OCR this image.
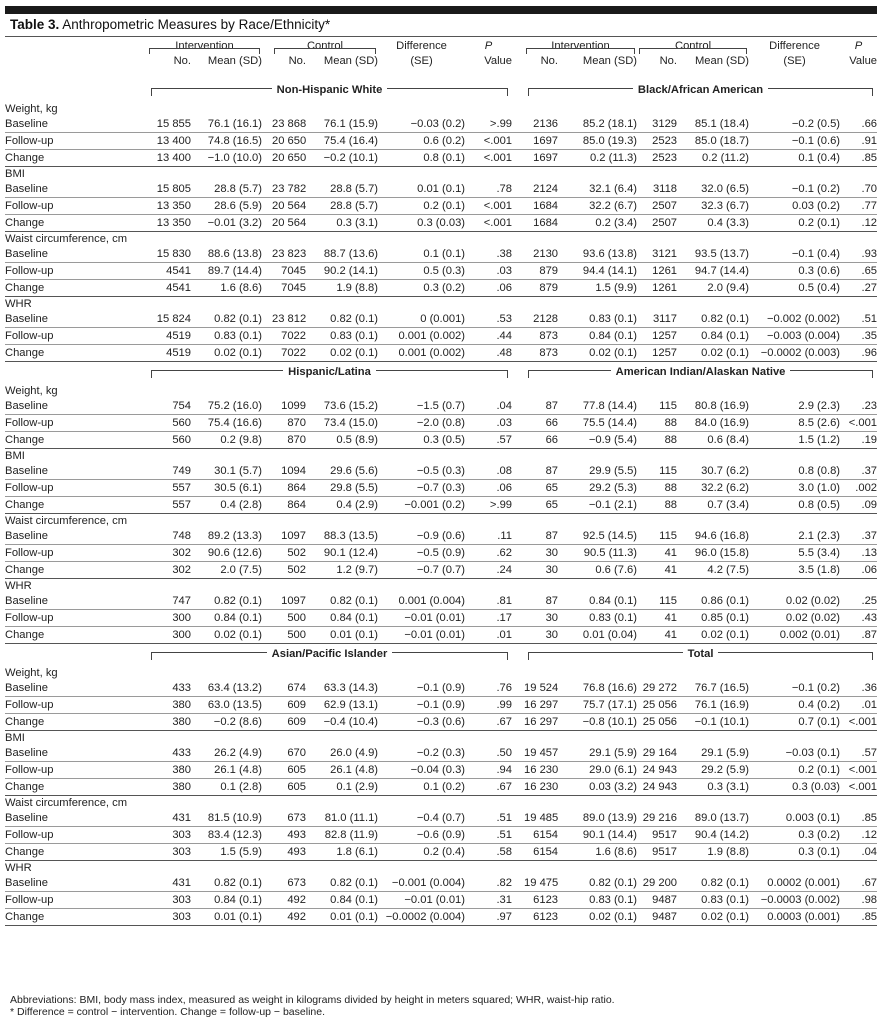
Table 3. Anthropometric Measures by Race/Ethnicity*
	Intervention			Control		Difference	P		Intervention		Control		Difference	P
	No.	Mean (SD)		No.	Mean (SD)	(SE)	Value		No.	Mean (SD)	No.	Mean (SD)	(SE)	Value
	Non-Hispanic White								Black/African American					
Weight, kg														
Baseline	15 855	76.1 (16.1)		23 868	76.1 (15.9)	−0.03 (0.2)	>.99		2136	85.2 (18.1)	3129	85.1 (18.4)	−0.2 (0.5)	.66
Follow-up	13 400	74.8 (16.5)		20 650	75.4 (16.4)	0.6 (0.2)	<.001		1697	85.0 (19.3)	2523	85.0 (18.7)	−0.1 (0.6)	.91
Change	13 400	−1.0 (10.0)		20 650	−0.2 (10.1)	0.8 (0.1)	<.001		1697	0.2 (11.3)	2523	0.2 (11.2)	0.1 (0.4)	.85
BMI														
Baseline	15 805	28.8 (5.7)		23 782	28.8 (5.7)	0.01 (0.1)	.78		2124	32.1 (6.4)	3118	32.0 (6.5)	−0.1 (0.2)	.70
Follow-up	13 350	28.6 (5.9)		20 564	28.8 (5.7)	0.2 (0.1)	<.001		1684	32.2 (6.7)	2507	32.3 (6.7)	0.03 (0.2)	.77
Change	13 350	−0.01 (3.2)		20 564	0.3 (3.1)	0.3 (0.03)	<.001		1684	0.2 (3.4)	2507	0.4 (3.3)	0.2 (0.1)	.12
Waist circumference, cm														
Baseline	15 830	88.6 (13.8)		23 823	88.7 (13.6)	0.1 (0.1)	.38		2130	93.6 (13.8)	3121	93.5 (13.7)	−0.1 (0.4)	.93
Follow-up	4541	89.7 (14.4)		7045	90.2 (14.1)	0.5 (0.3)	.03		879	94.4 (14.1)	1261	94.7 (14.4)	0.3 (0.6)	.65
Change	4541	1.6 (8.6)		7045	1.9 (8.8)	0.3 (0.2)	.06		879	1.5 (9.9)	1261	2.0 (9.4)	0.5 (0.4)	.27
WHR														
Baseline	15 824	0.82 (0.1)		23 812	0.82 (0.1)	0 (0.001)	.53		2128	0.83 (0.1)	3117	0.82 (0.1)	−0.002 (0.002)	.51
Follow-up	4519	0.83 (0.1)		7022	0.83 (0.1)	0.001 (0.002)	.44		873	0.84 (0.1)	1257	0.84 (0.1)	−0.003 (0.004)	.35
Change	4519	0.02 (0.1)		7022	0.02 (0.1)	0.001 (0.002)	.48		873	0.02 (0.1)	1257	0.02 (0.1)	−0.0002 (0.003)	.96
	Hispanic/Latina								American Indian/Alaskan Native					
Weight, kg														
Baseline	754	75.2 (16.0)		1099	73.6 (15.2)	−1.5 (0.7)	.04		87	77.8 (14.4)	115	80.8 (16.9)	2.9 (2.3)	.23
Follow-up	560	75.4 (16.6)		870	73.4 (15.0)	−2.0 (0.8)	.03		66	75.5 (14.4)	88	84.0 (16.9)	8.5 (2.6)	<.001
Change	560	0.2 (9.8)		870	0.5 (8.9)	0.3 (0.5)	.57		66	−0.9 (5.4)	88	0.6 (8.4)	1.5 (1.2)	.19
BMI														
Baseline	749	30.1 (5.7)		1094	29.6 (5.6)	−0.5 (0.3)	.08		87	29.9 (5.5)	115	30.7 (6.2)	0.8 (0.8)	.37
Follow-up	557	30.5 (6.1)		864	29.8 (5.5)	−0.7 (0.3)	.06		65	29.2 (5.3)	88	32.2 (6.2)	3.0 (1.0)	.002
Change	557	0.4 (2.8)		864	0.4 (2.9)	−0.001 (0.2)	>.99		65	−0.1 (2.1)	88	0.7 (3.4)	0.8 (0.5)	.09
Waist circumference, cm														
Baseline	748	89.2 (13.3)		1097	88.3 (13.5)	−0.9 (0.6)	.11		87	92.5 (14.5)	115	94.6 (16.8)	2.1 (2.3)	.37
Follow-up	302	90.6 (12.6)		502	90.1 (12.4)	−0.5 (0.9)	.62		30	90.5 (11.3)	41	96.0 (15.8)	5.5 (3.4)	.13
Change	302	2.0 (7.5)		502	1.2 (9.7)	−0.7 (0.7)	.24		30	0.6 (7.6)	41	4.2 (7.5)	3.5 (1.8)	.06
WHR														
Baseline	747	0.82 (0.1)		1097	0.82 (0.1)	0.001 (0.004)	.81		87	0.84 (0.1)	115	0.86 (0.1)	0.02 (0.02)	.25
Follow-up	300	0.84 (0.1)		500	0.84 (0.1)	−0.01 (0.01)	.17		30	0.83 (0.1)	41	0.85 (0.1)	0.02 (0.02)	.43
Change	300	0.02 (0.1)		500	0.01 (0.1)	−0.01 (0.01)	.01		30	0.01 (0.04)	41	0.02 (0.1)	0.002 (0.01)	.87
	Asian/Pacific Islander								Total					
Weight, kg														
Baseline	433	63.4 (13.2)		674	63.3 (14.3)	−0.1 (0.9)	.76		19 524	76.8 (16.6)	29 272	76.7 (16.5)	−0.1 (0.2)	.36
Follow-up	380	63.0 (13.5)		609	62.9 (13.1)	−0.1 (0.9)	.99		16 297	75.7 (17.1)	25 056	76.1 (16.9)	0.4 (0.2)	.01
Change	380	−0.2 (8.6)		609	−0.4 (10.4)	−0.3 (0.6)	.67		16 297	−0.8 (10.1)	25 056	−0.1 (10.1)	0.7 (0.1)	<.001
BMI														
Baseline	433	26.2 (4.9)		670	26.0 (4.9)	−0.2 (0.3)	.50		19 457	29.1 (5.9)	29 164	29.1 (5.9)	−0.03 (0.1)	.57
Follow-up	380	26.1 (4.8)		605	26.1 (4.8)	−0.04 (0.3)	.94		16 230	29.0 (6.1)	24 943	29.2 (5.9)	0.2 (0.1)	<.001
Change	380	0.1 (2.8)		605	0.1 (2.9)	0.1 (0.2)	.67		16 230	0.03 (3.2)	24 943	0.3 (3.1)	0.3 (0.03)	<.001
Waist circumference, cm														
Baseline	431	81.5 (10.9)		673	81.0 (11.1)	−0.4 (0.7)	.51		19 485	89.0 (13.9)	29 216	89.0 (13.7)	0.003 (0.1)	.85
Follow-up	303	83.4 (12.3)		493	82.8 (11.9)	−0.6 (0.9)	.51		6154	90.1 (14.4)	9517	90.4 (14.2)	0.3 (0.2)	.12
Change	303	1.5 (5.9)		493	1.8 (6.1)	0.2 (0.4)	.58		6154	1.6 (8.6)	9517	1.9 (8.8)	0.3 (0.1)	.04
WHR														
Baseline	431	0.82 (0.1)		673	0.82 (0.1)	−0.001 (0.004)	.82		19 475	0.82 (0.1)	29 200	0.82 (0.1)	0.0002 (0.001)	.67
Follow-up	303	0.84 (0.1)		492	0.84 (0.1)	−0.01 (0.01)	.31		6123	0.83 (0.1)	9487	0.83 (0.1)	−0.0003 (0.002)	.98
Change	303	0.01 (0.1)		492	0.01 (0.1)	−0.0002 (0.004)	.97		6123	0.02 (0.1)	9487	0.02 (0.1)	0.0003 (0.001)	.85
Abbreviations: BMI, body mass index, measured as weight in kilograms divided by height in meters squared; WHR, waist-hip ratio.
* Difference = control − intervention. Change = follow-up − baseline.
